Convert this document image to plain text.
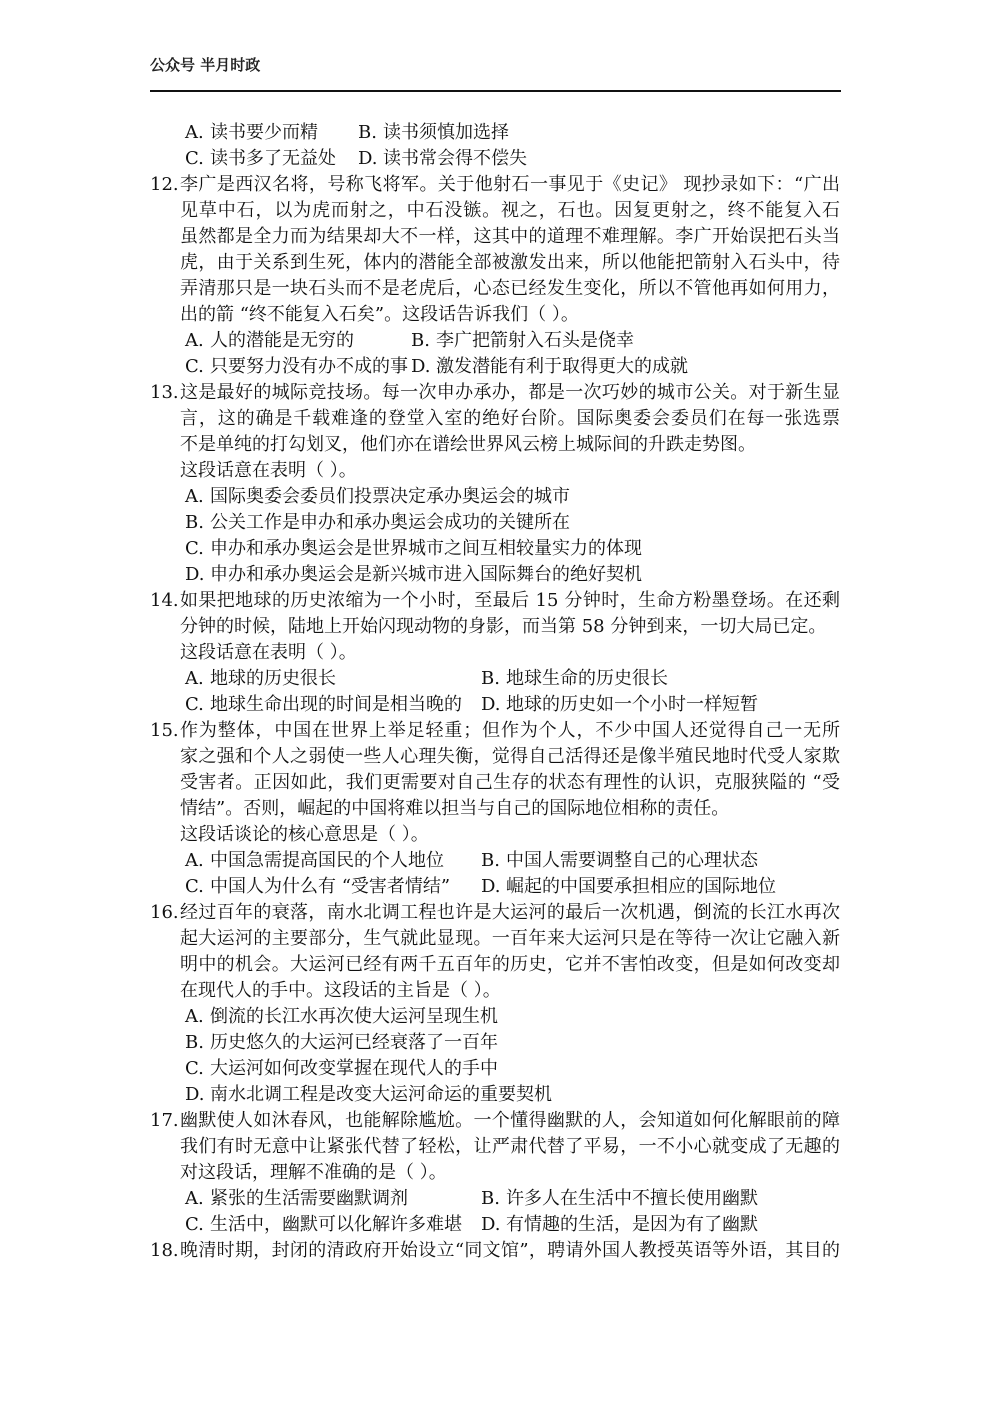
公众号 半月时政
A. 读书要少而精 B. 读书须慎加选择
C. 读书多了无益处 D. 读书常会得不偿失
12. 李广是西汉名将，号称飞将军。关于他射石一事见于《史记》 现抄录如下：“广出
见草中石，以为虎而射之，中石没镞。视之，石也。因复更射之，终不能复入石
虽然都是全力而为结果却大不一样，这其中的道理不难理解。李广开始误把石头当
虎，由于关系到生死，体内的潜能全部被激发出来，所以他能把箭射入石头中，待
弄清那只是一块石头而不是老虎后，心态已经发生变化，所以不管他再如何用力，
出的箭 “终不能复入石矣”。这段话告诉我们（ ）。
A. 人的潜能是无穷的	B. 李广把箭射入石头是侥幸
C. 只要努力没有办不成的事 D. 激发潜能有利于取得更大的成就
13. 这是最好的城际竞技场。每一次申办承办，都是一次巧妙的城市公关。对于新生显
言，这的确是千载难逢的登堂入室的绝好台阶。国际奥委会委员们在每一张选票
不是单纯的打勾划叉，他们亦在谱绘世界风云榜上城际间的升跌走势图。
这段话意在表明（ ）。
A. 国际奥委会委员们投票决定承办奥运会的城市
B. 公关工作是申办和承办奥运会成功的关键所在
C. 申办和承办奥运会是世界城市之间互相较量实力的体现
D. 申办和承办奥运会是新兴城市进入国际舞台的绝好契机
14. 如果把地球的历史浓缩为一个小时，至最后 15 分钟时，生命方粉墨登场。在还剩
分钟的时候，陆地上开始闪现动物的身影，而当第 58 分钟到来，一切大局已定。
这段话意在表明（ ）。
A. 地球的历史很长	B. 地球生命的历史很长
C. 地球生命出现的时间是相当晚的 D. 地球的历史如一个小时一样短暂
15. 作为整体，中国在世界上举足轻重；但作为个人，不少中国人还觉得自己一无所
家之强和个人之弱使一些人心理失衡，觉得自己活得还是像半殖民地时代受人家欺
受害者。正因如此，我们更需要对自己生存的状态有理性的认识，克服狭隘的 “受
情结”。否则，崛起的中国将难以担当与自己的国际地位相称的责任。
这段话谈论的核心意思是（ ）。
A. 中国急需提高国民的个人地位 B. 中国人需要调整自己的心理状态
C. 中国人为什么有 “受害者情结” D. 崛起的中国要承担相应的国际地位
16. 经过百年的衰落，南水北调工程也许是大运河的最后一次机遇，倒流的长江水再次
起大运河的主要部分，生气就此显现。一百年来大运河只是在等待一次让它融入新
明中的机会。大运河已经有两千五百年的历史，它并不害怕改变，但是如何改变却
在现代人的手中。这段话的主旨是（ ）。
A. 倒流的长江水再次使大运河呈现生机
B. 历史悠久的大运河已经衰落了一百年
C. 大运河如何改变掌握在现代人的手中
D. 南水北调工程是改变大运河命运的重要契机
17. 幽默使人如沐春风，也能解除尴尬。一个懂得幽默的人，会知道如何化解眼前的障
我们有时无意中让紧张代替了轻松，让严肃代替了平易，一不小心就变成了无趣的
对这段话，理解不准确的是（ ）。
A. 紧张的生活需要幽默调剂	B. 许多人在生活中不擅长使用幽默
C. 生活中，幽默可以化解许多难堪 D. 有情趣的生活，是因为有了幽默
18. 晚清时期，封闭的清政府开始设立“同文馆”，聘请外国人教授英语等外语，其目的
